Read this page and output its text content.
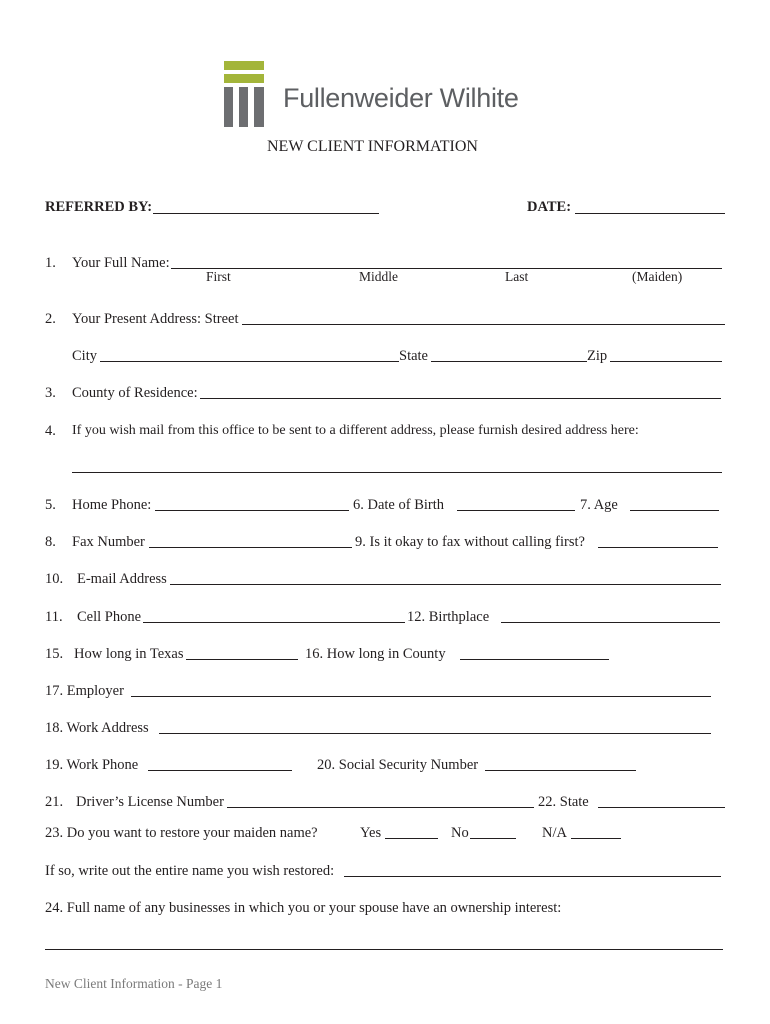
Fullenweider Wilhite
NEW CLIENT INFORMATION
REFERRED BY:	DATE:
1. Your Full Name:
First	Middle	Last	(Maiden)
2. Your Present Address: Street
City	State	Zip
3. County of Residence:
4. If you wish mail from this office to be sent to a different address, please furnish desired address here:
5. Home Phone:	6. Date of Birth	7. Age
8. Fax Number	9. Is it okay to fax without calling first?
10. E-mail Address
11. Cell Phone	12. Birthplace
15. How long in Texas	16. How long in County
17. Employer
18. Work Address
19. Work Phone	20. Social Security Number
21. Driver’s License Number	22. State
23. Do you want to restore your maiden name?	Yes	No	N/A
If so, write out the entire name you wish restored:
24. Full name of any businesses in which you or your spouse have an ownership interest:
New Client Information - Page 1
